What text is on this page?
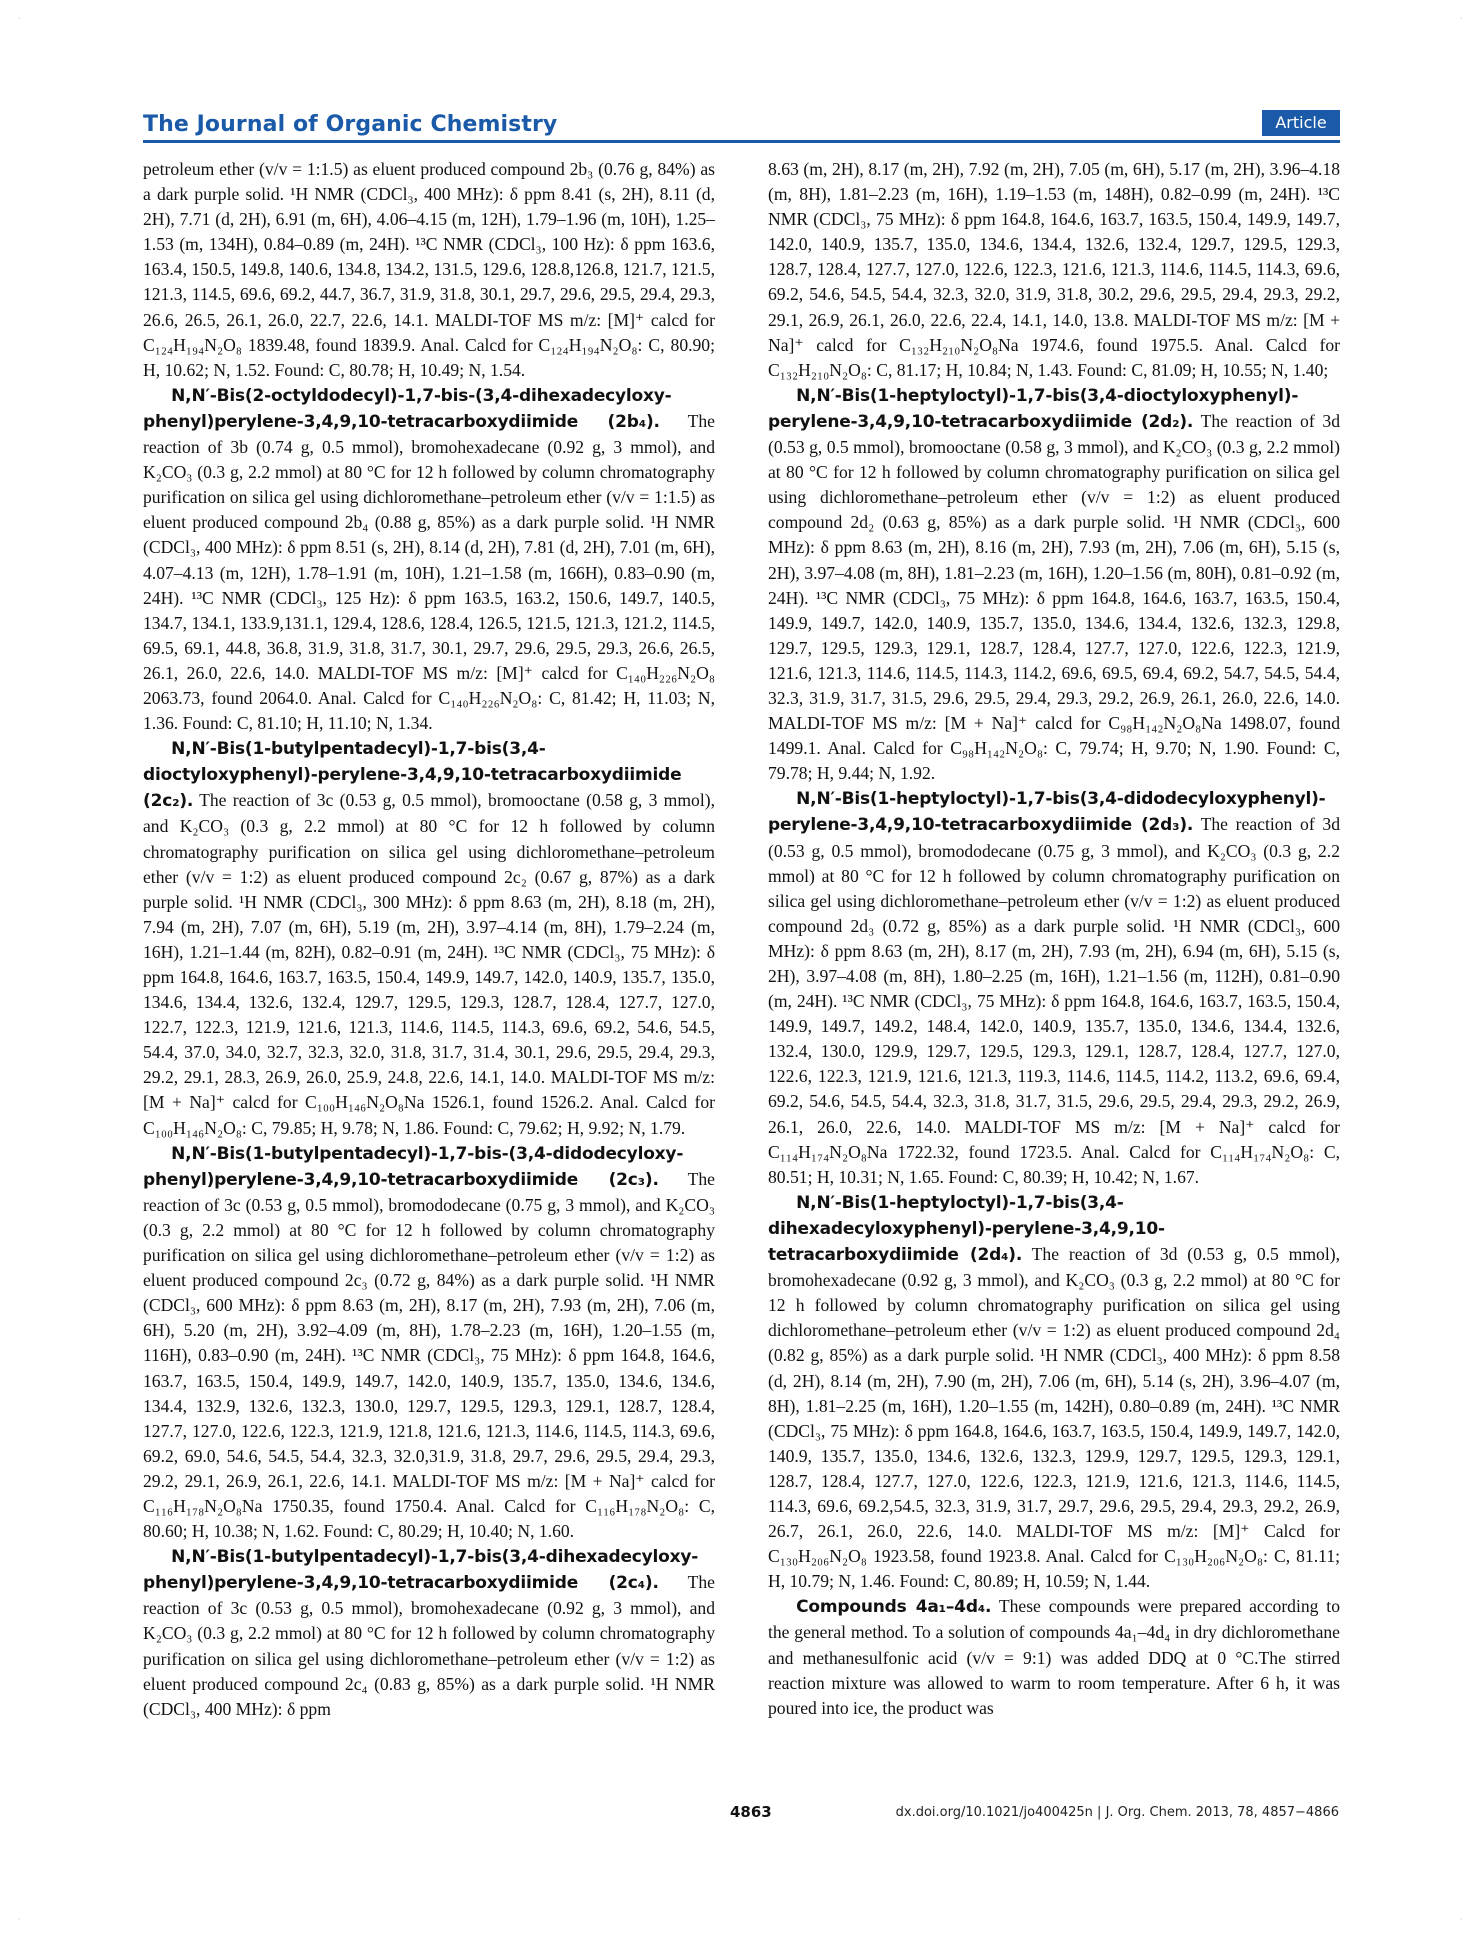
·	·
·	·
The Journal of Organic Chemistry	Article

petroleum ether (v/v = 1:1.5) as eluent produced compound 2b₃ (0.76 g, 84%) as a dark purple solid. ¹H NMR (CDCl₃, 400 MHz): δ ppm 8.41 (s, 2H), 8.11 (d, 2H), 7.71 (d, 2H), 6.91 (m, 6H), 4.06–4.15 (m, 12H), 1.79–1.96 (m, 10H), 1.25–1.53 (m, 134H), 0.84–0.89 (m, 24H). ¹³C NMR (CDCl₃, 100 Hz): δ ppm 163.6, 163.4, 150.5, 149.8, 140.6, 134.8, 134.2, 131.5, 129.6, 128.8,126.8, 121.7, 121.5, 121.3, 114.5, 69.6, 69.2, 44.7, 36.7, 31.9, 31.8, 30.1, 29.7, 29.6, 29.5, 29.4, 29.3, 26.6, 26.5, 26.1, 26.0, 22.7, 22.6, 14.1. MALDI-TOF MS m/z: [M]⁺ calcd for C₁₂₄H₁₉₄N₂O₈ 1839.48, found 1839.9. Anal. Calcd for C₁₂₄H₁₉₄N₂O₈: C, 80.90; H, 10.62; N, 1.52. Found: C, 80.78; H, 10.49; N, 1.54.

N,N′-Bis(2-octyldodecyl)-1,7-bis-(3,4-dihexadecyloxy-phenyl)perylene-3,4,9,10-tetracarboxydiimide (2b₄). The reaction of 3b (0.74 g, 0.5 mmol), bromohexadecane (0.92 g, 3 mmol), and K₂CO₃ (0.3 g, 2.2 mmol) at 80 °C for 12 h followed by column chromatography purification on silica gel using dichloromethane–petroleum ether (v/v = 1:1.5) as eluent produced compound 2b₄ (0.88 g, 85%) as a dark purple solid. ¹H NMR (CDCl₃, 400 MHz): δ ppm 8.51 (s, 2H), 8.14 (d, 2H), 7.81 (d, 2H), 7.01 (m, 6H), 4.07–4.13 (m, 12H), 1.78–1.91 (m, 10H), 1.21–1.58 (m, 166H), 0.83–0.90 (m, 24H). ¹³C NMR (CDCl₃, 125 Hz): δ ppm 163.5, 163.2, 150.6, 149.7, 140.5, 134.7, 134.1, 133.9,131.1, 129.4, 128.6, 128.4, 126.5, 121.5, 121.3, 121.2, 114.5, 69.5, 69.1, 44.8, 36.8, 31.9, 31.8, 31.7, 30.1, 29.7, 29.6, 29.5, 29.3, 26.6, 26.5, 26.1, 26.0, 22.6, 14.0. MALDI-TOF MS m/z: [M]⁺ calcd for C₁₄₀H₂₂₆N₂O₈ 2063.73, found 2064.0. Anal. Calcd for C₁₄₀H₂₂₆N₂O₈: C, 81.42; H, 11.03; N, 1.36. Found: C, 81.10; H, 11.10; N, 1.34.

N,N′-Bis(1-butylpentadecyl)-1,7-bis(3,4-dioctyloxyphenyl)-perylene-3,4,9,10-tetracarboxydiimide (2c₂). The reaction of 3c (0.53 g, 0.5 mmol), bromooctane (0.58 g, 3 mmol), and K₂CO₃ (0.3 g, 2.2 mmol) at 80 °C for 12 h followed by column chromatography purification on silica gel using dichloromethane–petroleum ether (v/v = 1:2) as eluent produced compound 2c₂ (0.67 g, 87%) as a dark purple solid. ¹H NMR (CDCl₃, 300 MHz): δ ppm 8.63 (m, 2H), 8.18 (m, 2H), 7.94 (m, 2H), 7.07 (m, 6H), 5.19 (m, 2H), 3.97–4.14 (m, 8H), 1.79–2.24 (m, 16H), 1.21–1.44 (m, 82H), 0.82–0.91 (m, 24H). ¹³C NMR (CDCl₃, 75 MHz): δ ppm 164.8, 164.6, 163.7, 163.5, 150.4, 149.9, 149.7, 142.0, 140.9, 135.7, 135.0, 134.6, 134.4, 132.6, 132.4, 129.7, 129.5, 129.3, 128.7, 128.4, 127.7, 127.0, 122.7, 122.3, 121.9, 121.6, 121.3, 114.6, 114.5, 114.3, 69.6, 69.2, 54.6, 54.5, 54.4, 37.0, 34.0, 32.7, 32.3, 32.0, 31.8, 31.7, 31.4, 30.1, 29.6, 29.5, 29.4, 29.3, 29.2, 29.1, 28.3, 26.9, 26.0, 25.9, 24.8, 22.6, 14.1, 14.0. MALDI-TOF MS m/z: [M + Na]⁺ calcd for C₁₀₀H₁₄₆N₂O₈Na 1526.1, found 1526.2. Anal. Calcd for C₁₀₀H₁₄₆N₂O₈: C, 79.85; H, 9.78; N, 1.86. Found: C, 79.62; H, 9.92; N, 1.79.

N,N′-Bis(1-butylpentadecyl)-1,7-bis-(3,4-didodecyloxy-phenyl)perylene-3,4,9,10-tetracarboxydiimide (2c₃). The reaction of 3c (0.53 g, 0.5 mmol), bromododecane (0.75 g, 3 mmol), and K₂CO₃ (0.3 g, 2.2 mmol) at 80 °C for 12 h followed by column chromatography purification on silica gel using dichloromethane–petroleum ether (v/v = 1:2) as eluent produced compound 2c₃ (0.72 g, 84%) as a dark purple solid. ¹H NMR (CDCl₃, 600 MHz): δ ppm 8.63 (m, 2H), 8.17 (m, 2H), 7.93 (m, 2H), 7.06 (m, 6H), 5.20 (m, 2H), 3.92–4.09 (m, 8H), 1.78–2.23 (m, 16H), 1.20–1.55 (m, 116H), 0.83–0.90 (m, 24H). ¹³C NMR (CDCl₃, 75 MHz): δ ppm 164.8, 164.6, 163.7, 163.5, 150.4, 149.9, 149.7, 142.0, 140.9, 135.7, 135.0, 134.6, 134.6, 134.4, 132.9, 132.6, 132.3, 130.0, 129.7, 129.5, 129.3, 129.1, 128.7, 128.4, 127.7, 127.0, 122.6, 122.3, 121.9, 121.8, 121.6, 121.3, 114.6, 114.5, 114.3, 69.6, 69.2, 69.0, 54.6, 54.5, 54.4, 32.3, 32.0,31.9, 31.8, 29.7, 29.6, 29.5, 29.4, 29.3, 29.2, 29.1, 26.9, 26.1, 22.6, 14.1. MALDI-TOF MS m/z: [M + Na]⁺ calcd for C₁₁₆H₁₇₈N₂O₈Na 1750.35, found 1750.4. Anal. Calcd for C₁₁₆H₁₇₈N₂O₈: C, 80.60; H, 10.38; N, 1.62. Found: C, 80.29; H, 10.40; N, 1.60.

N,N′-Bis(1-butylpentadecyl)-1,7-bis(3,4-dihexadecyloxy-phenyl)perylene-3,4,9,10-tetracarboxydiimide (2c₄). The reaction of 3c (0.53 g, 0.5 mmol), bromohexadecane (0.92 g, 3 mmol), and K₂CO₃ (0.3 g, 2.2 mmol) at 80 °C for 12 h followed by column chromatography purification on silica gel using dichloromethane–petroleum ether (v/v = 1:2) as eluent produced compound 2c₄ (0.83 g, 85%) as a dark purple solid. ¹H NMR (CDCl₃, 400 MHz): δ ppm

8.63 (m, 2H), 8.17 (m, 2H), 7.92 (m, 2H), 7.05 (m, 6H), 5.17 (m, 2H), 3.96–4.18 (m, 8H), 1.81–2.23 (m, 16H), 1.19–1.53 (m, 148H), 0.82–0.99 (m, 24H). ¹³C NMR (CDCl₃, 75 MHz): δ ppm 164.8, 164.6, 163.7, 163.5, 150.4, 149.9, 149.7, 142.0, 140.9, 135.7, 135.0, 134.6, 134.4, 132.6, 132.4, 129.7, 129.5, 129.3, 128.7, 128.4, 127.7, 127.0, 122.6, 122.3, 121.6, 121.3, 114.6, 114.5, 114.3, 69.6, 69.2, 54.6, 54.5, 54.4, 32.3, 32.0, 31.9, 31.8, 30.2, 29.6, 29.5, 29.4, 29.3, 29.2, 29.1, 26.9, 26.1, 26.0, 22.6, 22.4, 14.1, 14.0, 13.8. MALDI-TOF MS m/z: [M + Na]⁺ calcd for C₁₃₂H₂₁₀N₂O₈Na 1974.6, found 1975.5. Anal. Calcd for C₁₃₂H₂₁₀N₂O₈: C, 81.17; H, 10.84; N, 1.43. Found: C, 81.09; H, 10.55; N, 1.40;

N,N′-Bis(1-heptyloctyl)-1,7-bis(3,4-dioctyloxyphenyl)-perylene-3,4,9,10-tetracarboxydiimide (2d₂). The reaction of 3d (0.53 g, 0.5 mmol), bromooctane (0.58 g, 3 mmol), and K₂CO₃ (0.3 g, 2.2 mmol) at 80 °C for 12 h followed by column chromatography purification on silica gel using dichloromethane–petroleum ether (v/v = 1:2) as eluent produced compound 2d₂ (0.63 g, 85%) as a dark purple solid. ¹H NMR (CDCl₃, 600 MHz): δ ppm 8.63 (m, 2H), 8.16 (m, 2H), 7.93 (m, 2H), 7.06 (m, 6H), 5.15 (s, 2H), 3.97–4.08 (m, 8H), 1.81–2.23 (m, 16H), 1.20–1.56 (m, 80H), 0.81–0.92 (m, 24H). ¹³C NMR (CDCl₃, 75 MHz): δ ppm 164.8, 164.6, 163.7, 163.5, 150.4, 149.9, 149.7, 142.0, 140.9, 135.7, 135.0, 134.6, 134.4, 132.6, 132.3, 129.8, 129.7, 129.5, 129.3, 129.1, 128.7, 128.4, 127.7, 127.0, 122.6, 122.3, 121.9, 121.6, 121.3, 114.6, 114.5, 114.3, 114.2, 69.6, 69.5, 69.4, 69.2, 54.7, 54.5, 54.4, 32.3, 31.9, 31.7, 31.5, 29.6, 29.5, 29.4, 29.3, 29.2, 26.9, 26.1, 26.0, 22.6, 14.0. MALDI-TOF MS m/z: [M + Na]⁺ calcd for C₉₈H₁₄₂N₂O₈Na 1498.07, found 1499.1. Anal. Calcd for C₉₈H₁₄₂N₂O₈: C, 79.74; H, 9.70; N, 1.90. Found: C, 79.78; H, 9.44; N, 1.92.

N,N′-Bis(1-heptyloctyl)-1,7-bis(3,4-didodecyloxyphenyl)-perylene-3,4,9,10-tetracarboxydiimide (2d₃). The reaction of 3d (0.53 g, 0.5 mmol), bromododecane (0.75 g, 3 mmol), and K₂CO₃ (0.3 g, 2.2 mmol) at 80 °C for 12 h followed by column chromatography purification on silica gel using dichloromethane–petroleum ether (v/v = 1:2) as eluent produced compound 2d₃ (0.72 g, 85%) as a dark purple solid. ¹H NMR (CDCl₃, 600 MHz): δ ppm 8.63 (m, 2H), 8.17 (m, 2H), 7.93 (m, 2H), 6.94 (m, 6H), 5.15 (s, 2H), 3.97–4.08 (m, 8H), 1.80–2.25 (m, 16H), 1.21–1.56 (m, 112H), 0.81–0.90 (m, 24H). ¹³C NMR (CDCl₃, 75 MHz): δ ppm 164.8, 164.6, 163.7, 163.5, 150.4, 149.9, 149.7, 149.2, 148.4, 142.0, 140.9, 135.7, 135.0, 134.6, 134.4, 132.6, 132.4, 130.0, 129.9, 129.7, 129.5, 129.3, 129.1, 128.7, 128.4, 127.7, 127.0, 122.6, 122.3, 121.9, 121.6, 121.3, 119.3, 114.6, 114.5, 114.2, 113.2, 69.6, 69.4, 69.2, 54.6, 54.5, 54.4, 32.3, 31.8, 31.7, 31.5, 29.6, 29.5, 29.4, 29.3, 29.2, 26.9, 26.1, 26.0, 22.6, 14.0. MALDI-TOF MS m/z: [M + Na]⁺ calcd for C₁₁₄H₁₇₄N₂O₈Na 1722.32, found 1723.5. Anal. Calcd for C₁₁₄H₁₇₄N₂O₈: C, 80.51; H, 10.31; N, 1.65. Found: C, 80.39; H, 10.42; N, 1.67.

N,N′-Bis(1-heptyloctyl)-1,7-bis(3,4-dihexadecyloxyphenyl)-perylene-3,4,9,10-tetracarboxydiimide (2d₄). The reaction of 3d (0.53 g, 0.5 mmol), bromohexadecane (0.92 g, 3 mmol), and K₂CO₃ (0.3 g, 2.2 mmol) at 80 °C for 12 h followed by column chromatography purification on silica gel using dichloromethane–petroleum ether (v/v = 1:2) as eluent produced compound 2d₄ (0.82 g, 85%) as a dark purple solid. ¹H NMR (CDCl₃, 400 MHz): δ ppm 8.58 (d, 2H), 8.14 (m, 2H), 7.90 (m, 2H), 7.06 (m, 6H), 5.14 (s, 2H), 3.96–4.07 (m, 8H), 1.81–2.25 (m, 16H), 1.20–1.55 (m, 142H), 0.80–0.89 (m, 24H). ¹³C NMR (CDCl₃, 75 MHz): δ ppm 164.8, 164.6, 163.7, 163.5, 150.4, 149.9, 149.7, 142.0, 140.9, 135.7, 135.0, 134.6, 132.6, 132.3, 129.9, 129.7, 129.5, 129.3, 129.1, 128.7, 128.4, 127.7, 127.0, 122.6, 122.3, 121.9, 121.6, 121.3, 114.6, 114.5, 114.3, 69.6, 69.2,54.5, 32.3, 31.9, 31.7, 29.7, 29.6, 29.5, 29.4, 29.3, 29.2, 26.9, 26.7, 26.1, 26.0, 22.6, 14.0. MALDI-TOF MS m/z: [M]⁺ Calcd for C₁₃₀H₂₀₆N₂O₈ 1923.58, found 1923.8. Anal. Calcd for C₁₃₀H₂₀₆N₂O₈: C, 81.11; H, 10.79; N, 1.46. Found: C, 80.89; H, 10.59; N, 1.44.

Compounds 4a₁–4d₄. These compounds were prepared according to the general method. To a solution of compounds 4a₁–4d₄ in dry dichloromethane and methanesulfonic acid (v/v = 9:1) was added DDQ at 0 °C.The stirred reaction mixture was allowed to warm to room temperature. After 6 h, it was poured into ice, the product was

4863	dx.doi.org/10.1021/jo400425n | J. Org. Chem. 2013, 78, 4857−4866
